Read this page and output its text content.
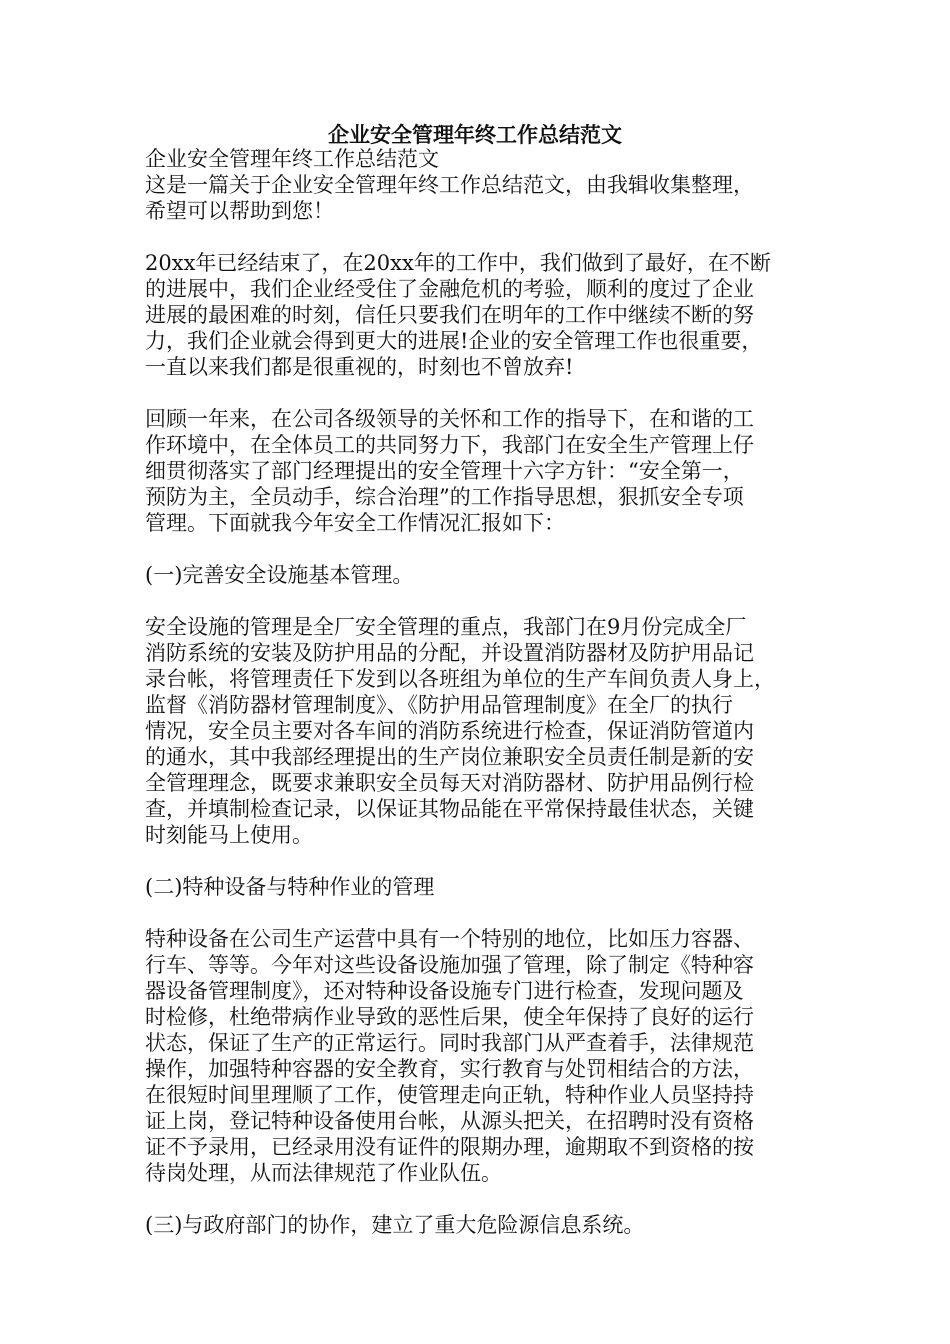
企业安全管理年终工作总结范文
企业安全管理年终工作总结范文
这是一篇关于企业安全管理年终工作总结范文，由我辑收集整理，
希望可以帮助到您！
20xx年已经结束了，在20xx年的工作中，我们做到了最好，在不断
的进展中，我们企业经受住了金融危机的考验，顺利的度过了企业
进展的最困难的时刻，信任只要我们在明年的工作中继续不断的努
力，我们企业就会得到更大的进展!企业的安全管理工作也很重要，
一直以来我们都是很重视的，时刻也不曾放弃!
回顾一年来，在公司各级领导的关怀和工作的指导下，在和谐的工
作环境中，在全体员工的共同努力下，我部门在安全生产管理上仔
细贯彻落实了部门经理提出的安全管理十六字方针：“安全第一，
预防为主，全员动手，综合治理”的工作指导思想，狠抓安全专项
管理。下面就我今年安全工作情况汇报如下：
(一)完善安全设施基本管理。
安全设施的管理是全厂安全管理的重点，我部门在9月份完成全厂
消防系统的安装及防护用品的分配，并设置消防器材及防护用品记
录台帐，将管理责任下发到以各班组为单位的生产车间负责人身上，
监督《消防器材管理制度》、《防护用品管理制度》在全厂的执行
情况，安全员主要对各车间的消防系统进行检查，保证消防管道内
的通水，其中我部经理提出的生产岗位兼职安全员责任制是新的安
全管理理念，既要求兼职安全员每天对消防器材、防护用品例行检
查，并填制检查记录，以保证其物品能在平常保持最佳状态，关键
时刻能马上使用。
(二)特种设备与特种作业的管理
特种设备在公司生产运营中具有一个特别的地位，比如压力容器、
行车、等等。今年对这些设备设施加强了管理，除了制定《特种容
器设备管理制度》，还对特种设备设施专门进行检查，发现问题及
时检修，杜绝带病作业导致的恶性后果，使全年保持了良好的运行
状态，保证了生产的正常运行。同时我部门从严查着手，法律规范
操作，加强特种容器的安全教育，实行教育与处罚相结合的方法，
在很短时间里理顺了工作，使管理走向正轨，特种作业人员坚持持
证上岗，登记特种设备使用台帐，从源头把关，在招聘时没有资格
证不予录用，已经录用没有证件的限期办理，逾期取不到资格的按
待岗处理，从而法律规范了作业队伍。
(三)与政府部门的协作，建立了重大危险源信息系统。
